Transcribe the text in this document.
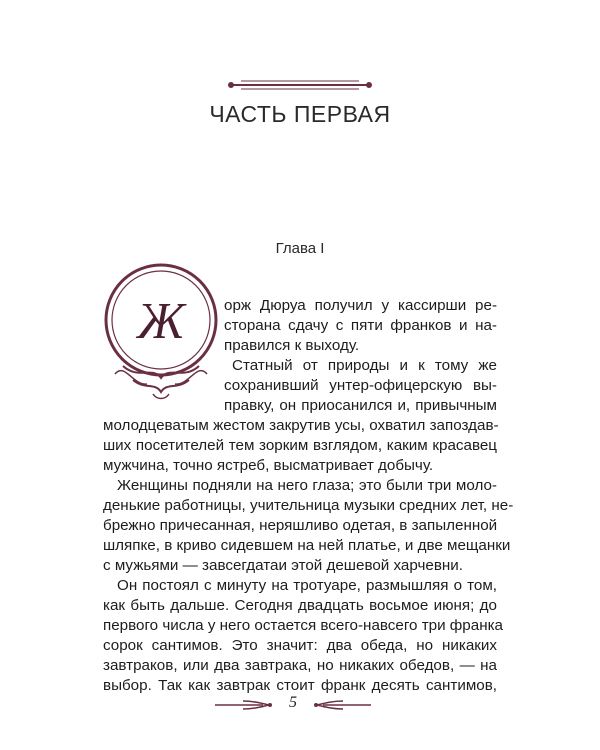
ЧАСТЬ ПЕРВАЯ
Глава I
Ж	орж Дюруа получил у кассирши ре-
сторана сдачу с пяти франков и на-
правился к выходу.
Статный от природы и к тому же
сохранивший унтер-офицерскую вы-
правку, он приосанился и, привычным
молодцеватым жестом закрутив усы, охватил запоздав-
ших посетителей тем зорким взглядом, каким красавец
мужчина, точно ястреб, высматривает добычу.
Женщины подняли на него глаза; это были три моло-
денькие работницы, учительница музыки средних лет, не-
брежно причесанная, неряшливо одетая, в запыленной
шляпке, в криво сидевшем на ней платье, и две мещанки
с мужьями — завсегдатаи этой дешевой харчевни.
Он постоял с минуту на тротуаре, размышляя о том,
как быть дальше. Сегодня двадцать восьмое июня; до
первого числа у него остается всего-навсего три франка
сорок сантимов. Это значит: два обеда, но никаких
завтраков, или два завтрака, но никаких обедов, — на
выбор. Так как завтрак стоит франк десять сантимов,
5
